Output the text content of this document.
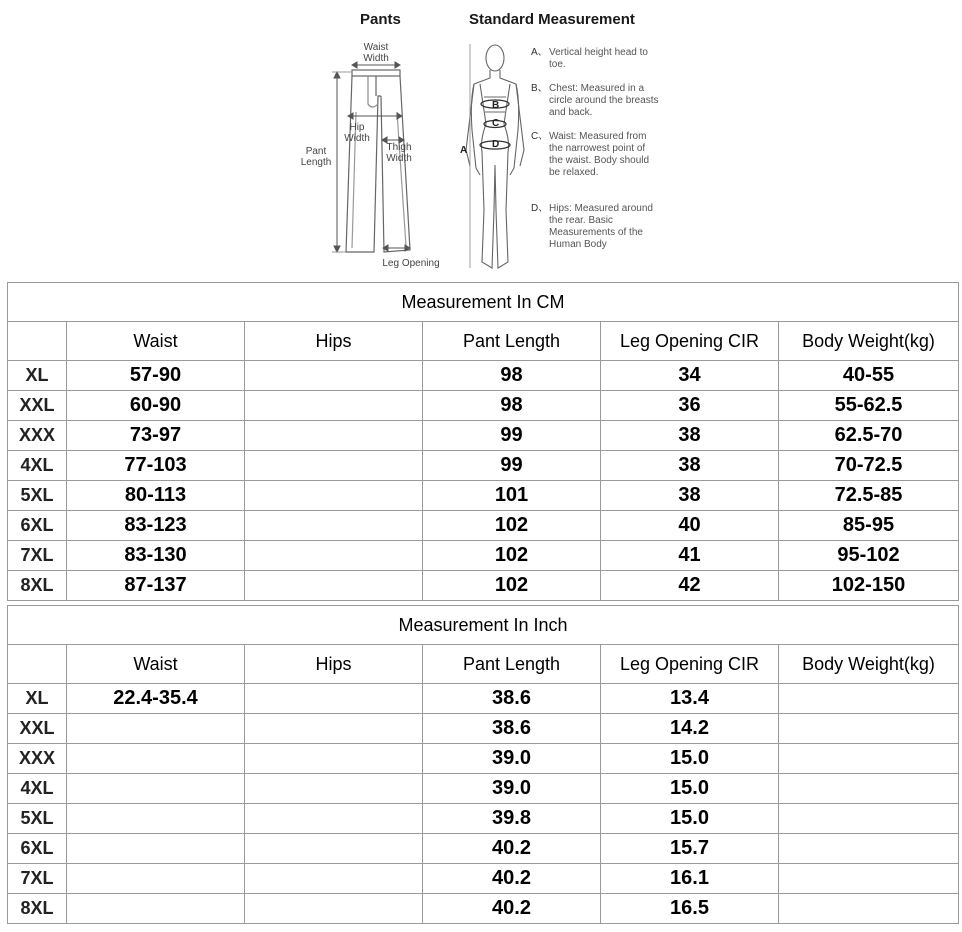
Pants	Standard Measurement
Waist
Width
Hip
Width
Thigh
Width
Pant
Length
Leg Opening
A
B
C
D
A、 Vertical height head to toe.
B、 Chest: Measured in a circle around the breasts and back.
C、 Waist: Measured from the narrowest point of the waist. Body should be relaxed.
D、 Hips: Measured around the rear. Basic Measurements of the Human Body
Measurement In CM					
	Waist	Hips	Pant Length	Leg Opening CIR	Body Weight(kg)
XL	57-90		98	34	40-55
XXL	60-90		98	36	55-62.5
XXX	73-97		99	38	62.5-70
4XL	77-103		99	38	70-72.5
5XL	80-113		101	38	72.5-85
6XL	83-123		102	40	85-95
7XL	83-130		102	41	95-102
8XL	87-137		102	42	102-150
Measurement In Inch					
	Waist	Hips	Pant Length	Leg Opening CIR	Body Weight(kg)
XL	22.4-35.4		38.6	13.4	
XXL			38.6	14.2	
XXX			39.0	15.0	
4XL			39.0	15.0	
5XL			39.8	15.0	
6XL			40.2	15.7	
7XL			40.2	16.1	
8XL			40.2	16.5	
